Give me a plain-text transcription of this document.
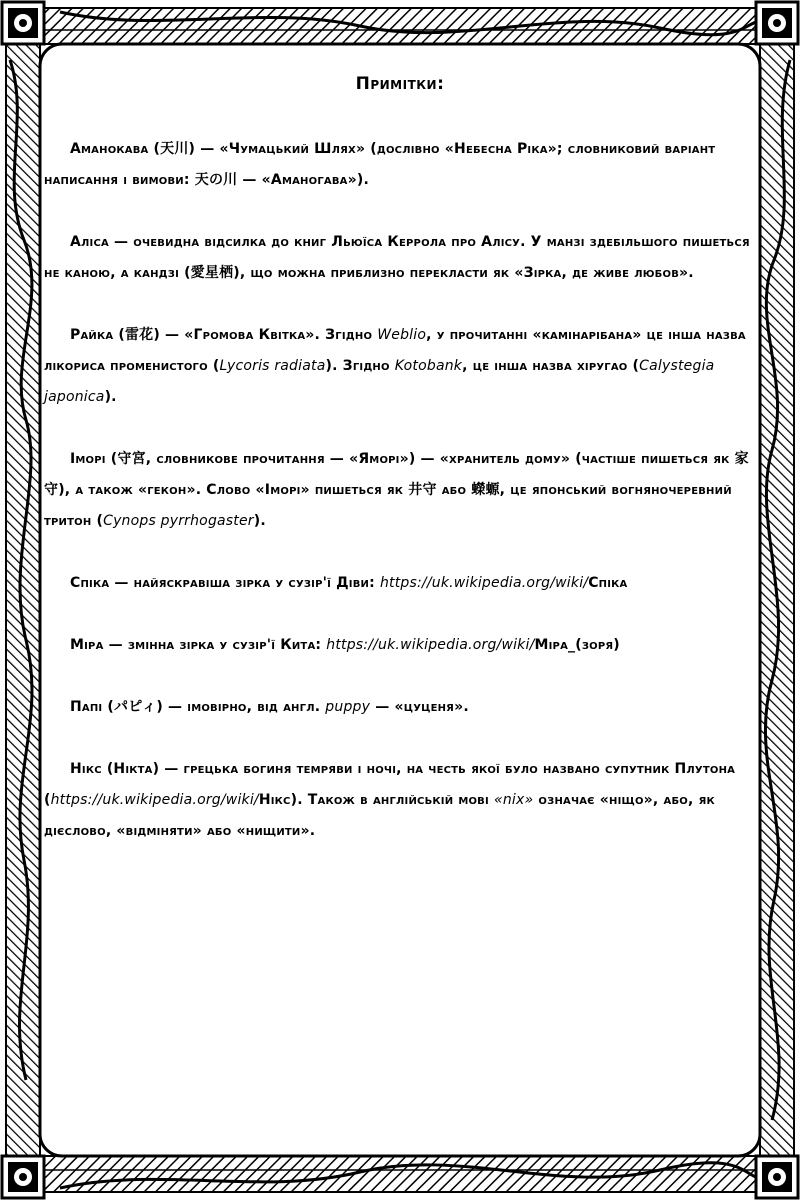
Примітки:

Аманокава (天川) — «Чумацький Шлях» (дослівно «Небесна Ріка»; словниковий варіант написання і вимови: 天の川 — «Аманогава»).

Аліса — очевидна відсилка до книг Льюїса Керрола про Алісу. У манзі здебільшого пишеться не каною, а кандзі (愛星栖), що можна приблизно перекласти як «Зірка, де живе любов».

Райка (雷花) — «Громова Квітка». Згідно Weblio, у прочитанні «камінарібана» це інша назва лікориса променистого (Lycoris radiata). Згідно Kotobank, це інша назва хіругао (Calystegia japonica).

Іморі (守宮, словникове прочитання — «Яморі») — «хранитель дому» (частіше пишеться як 家守), а також «гекон». Слово «Іморі» пишеться як 井守 або 蠑螈, це японський вогняночеревний тритон (Cynops pyrrhogaster).

Спіка — найяскравіша зірка у сузір'ї Діви: https://uk.wikipedia.org/wiki/Спіка

Міра — змінна зірка у сузір'ї Кита: https://uk.wikipedia.org/wiki/Міра_(зоря)

Папі (パピィ) — імовірно, від англ. puppy — «цуценя».

Нікс (Нікта) — грецька богиня темряви і ночі, на честь якої було названо супутник Плутона (https://uk.wikipedia.org/wiki/Нікс). Також в англійській мові «nix» означає «ніщо», або, як дієслово, «відміняти» або «нищити».
